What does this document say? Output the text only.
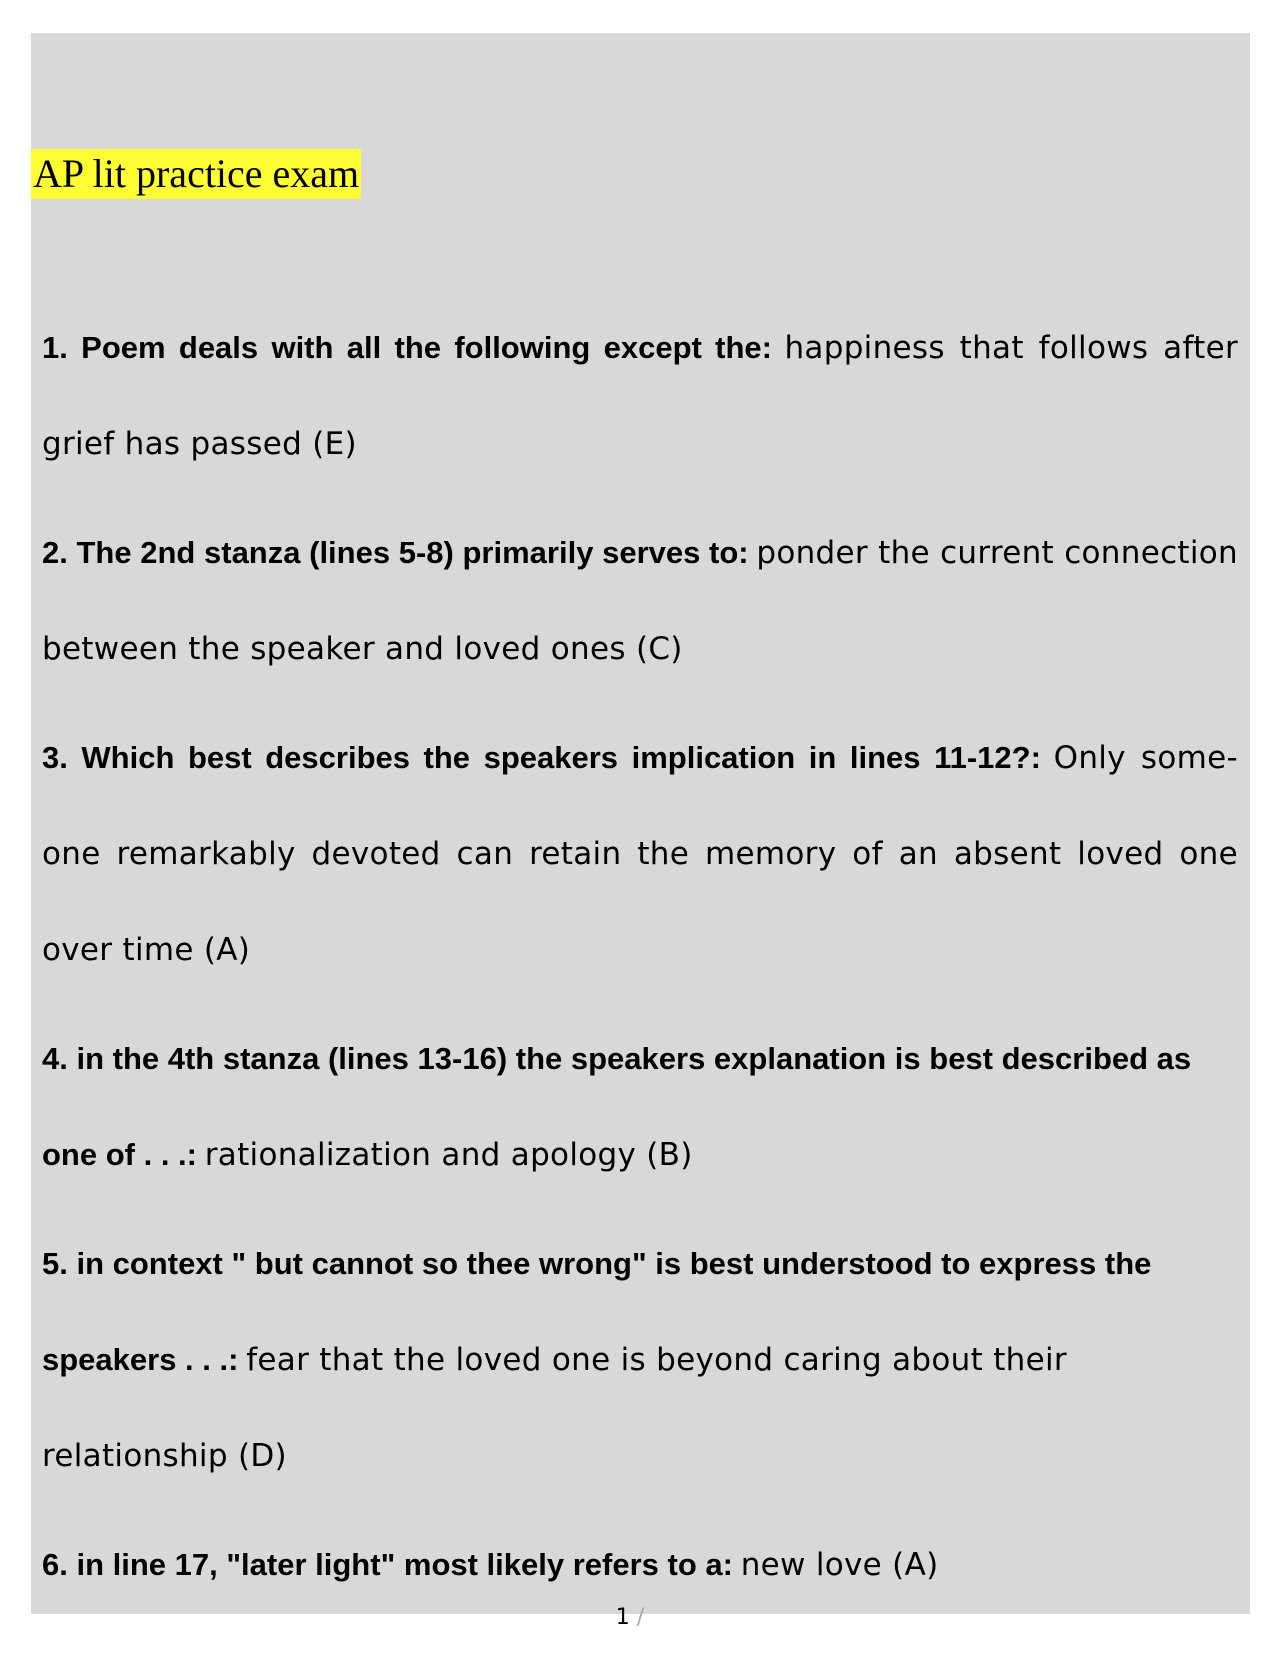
AP lit practice exam
1. Poem deals with all the following except the: happiness that follows after grief has passed (E)
2. The 2nd stanza (lines 5-8) primarily serves to: ponder the current connection between the speaker and loved ones (C)
3. Which best describes the speakers implication in lines 11-12?: Only some- one remarkably devoted can retain the memory of an absent loved one over time (A)
4. in the 4th stanza (lines 13-16) the speakers explanation is best described as one of . . .: rationalization and apology (B)
5. in context " but cannot so thee wrong" is best understood to express the speakers . . .: fear that the loved one is beyond caring about their relationship (D)
6. in line 17, "later light" most likely refers to a: new love (A)
1 /
